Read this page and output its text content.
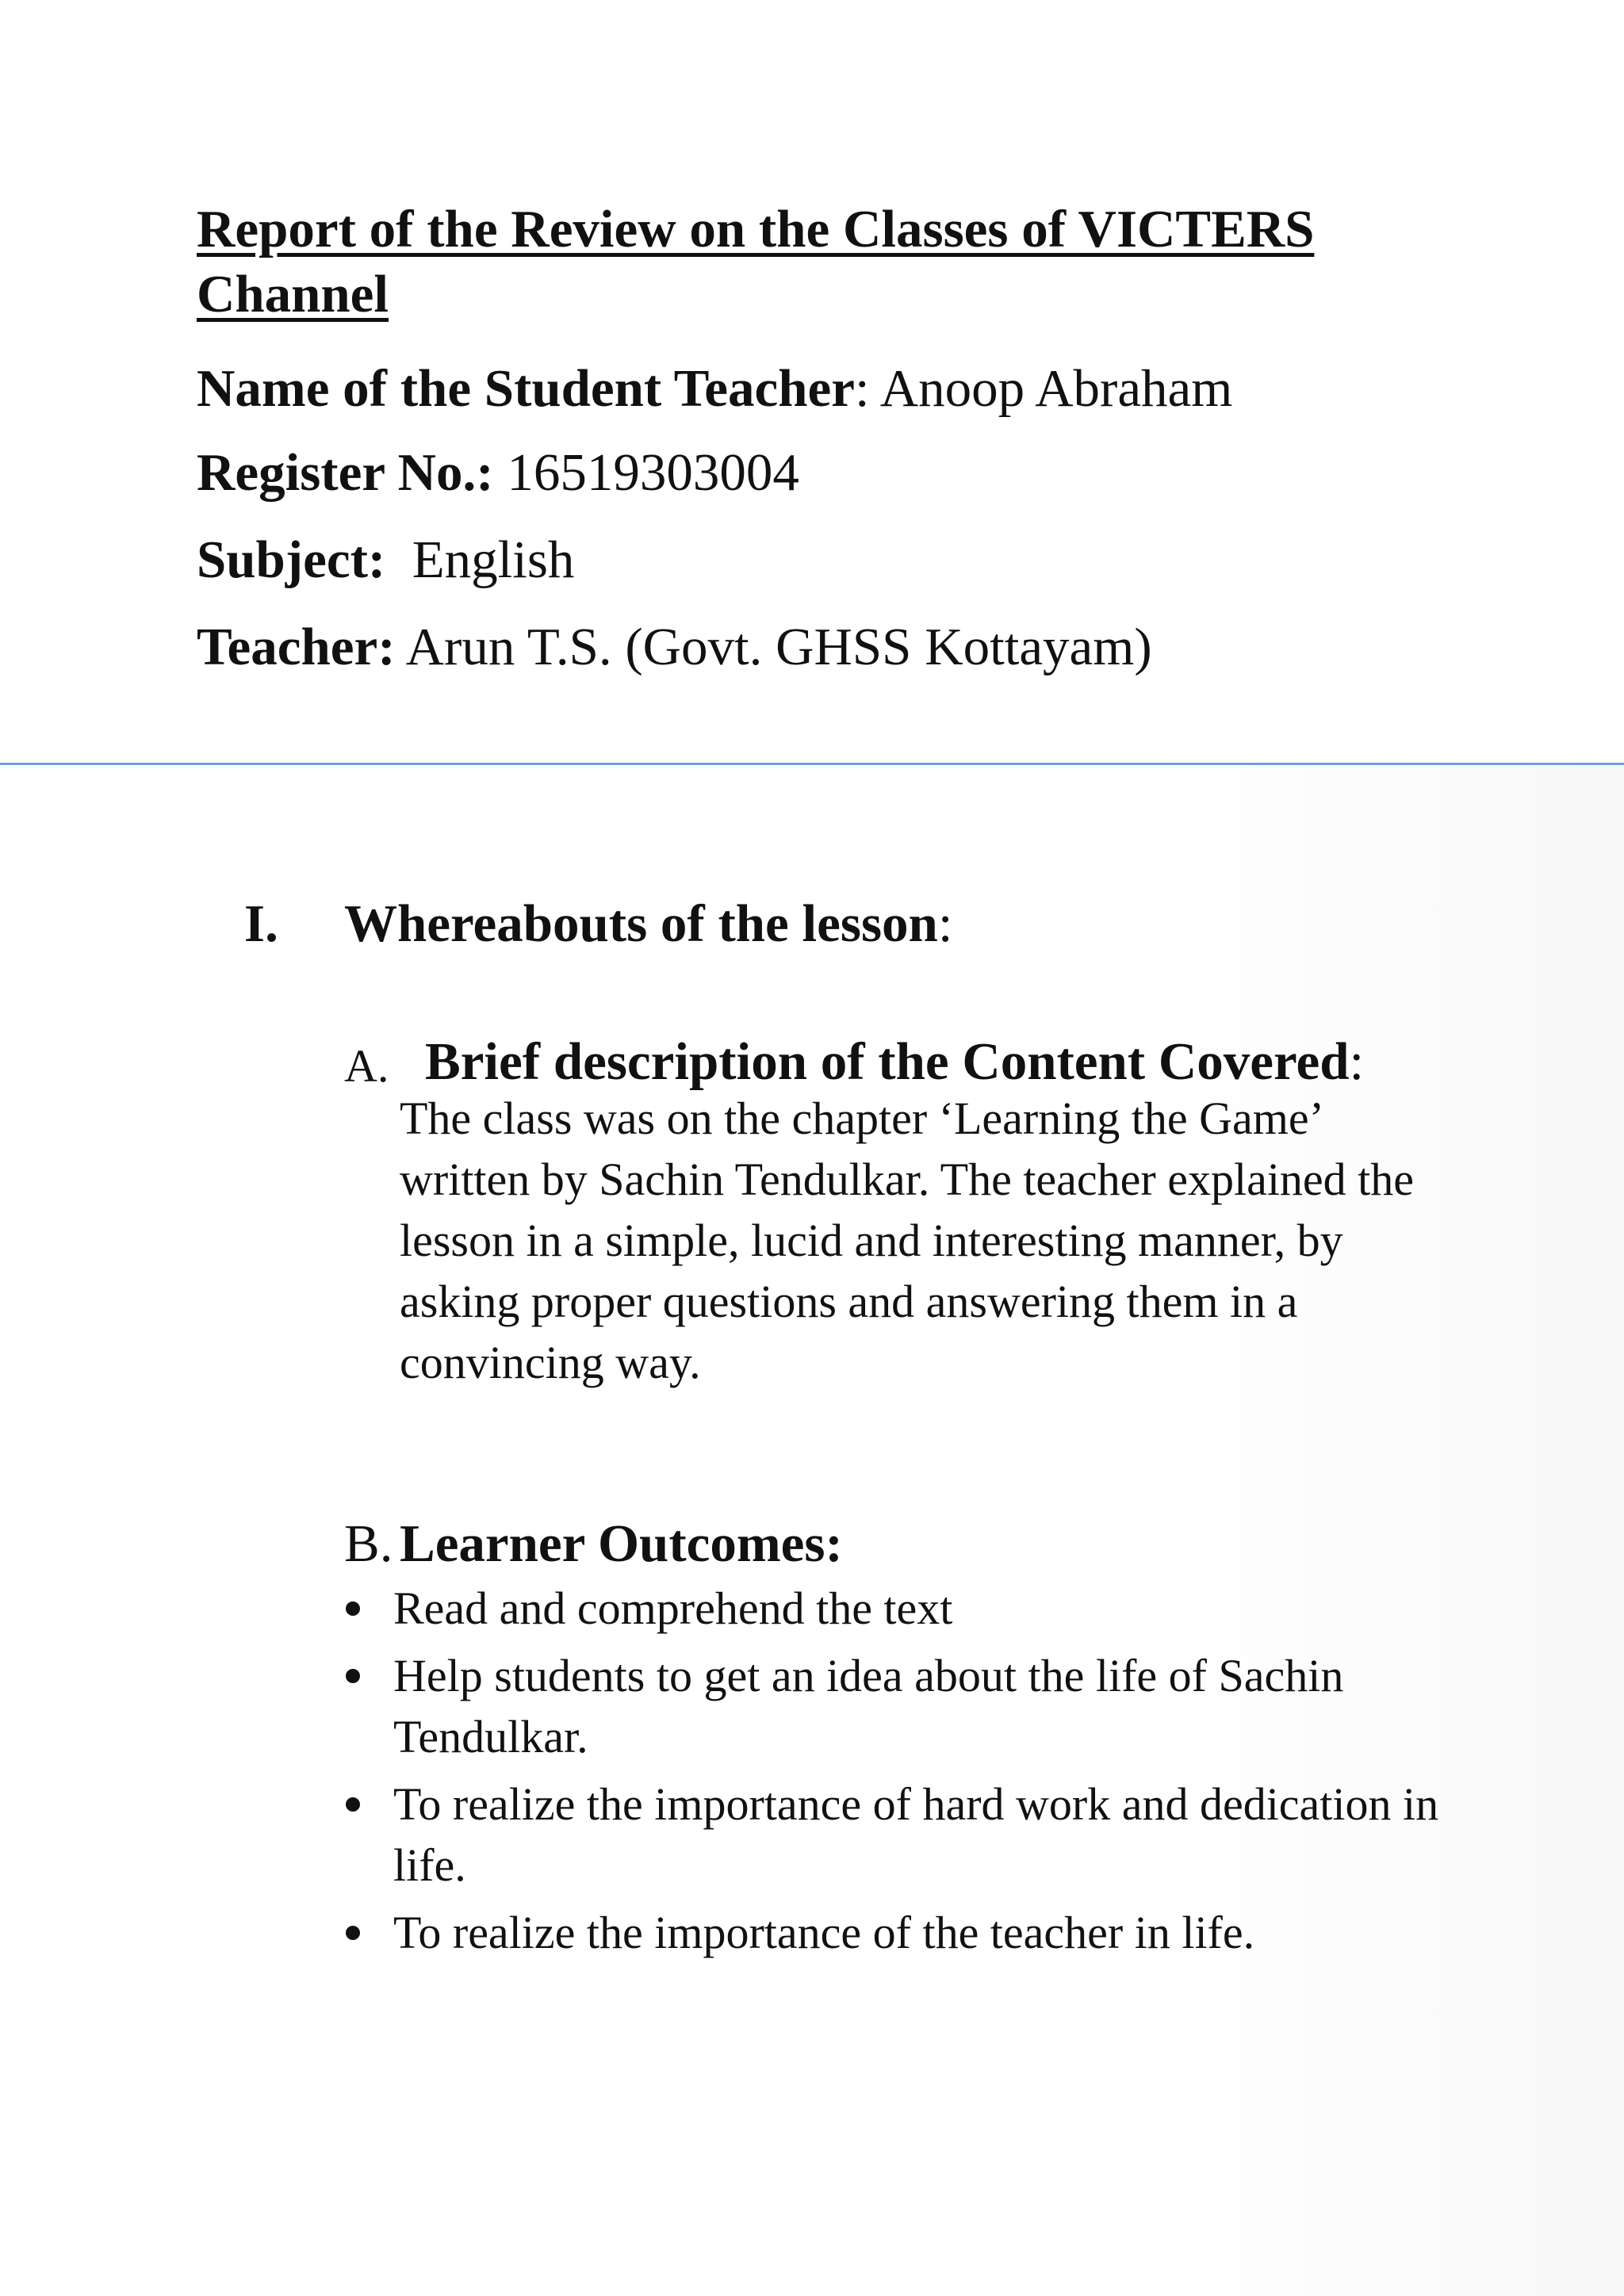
Report of the Review on the Classes of VICTERS Channel
Name of the Student Teacher: Anoop Abraham
Register No.: 16519303004
Subject: English
Teacher: Arun T.S. (Govt. GHSS Kottayam)
I. Whereabouts of the lesson:
A. Brief description of the Content Covered:

The class was on the chapter ‘Learning the Game’ written by Sachin Tendulkar. The teacher explained the lesson in a simple, lucid and interesting manner, by asking proper questions and answering them in a convincing way.

B. Learner Outcomes:
Read and comprehend the text
Help students to get an idea about the life of Sachin Tendulkar.
To realize the importance of hard work and dedication in life.
To realize the importance of the teacher in life.
